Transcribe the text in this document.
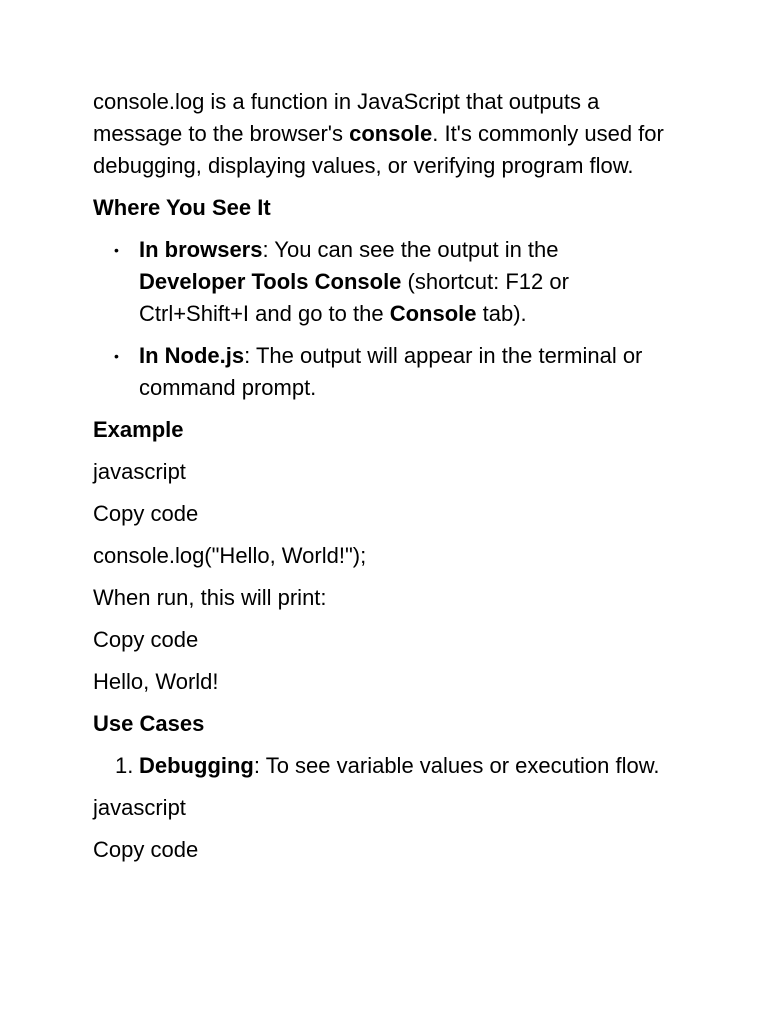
console.log is a function in JavaScript that outputs a message to the browser's console. It's commonly used for debugging, displaying values, or verifying program flow.

Where You See It

• In browsers: You can see the output in the Developer Tools Console (shortcut: F12 or Ctrl+Shift+I and go to the Console tab).
• In Node.js: The output will appear in the terminal or command prompt.

Example

javascript

Copy code

console.log("Hello, World!");

When run, this will print:

Copy code

Hello, World!

Use Cases

1. Debugging: To see variable values or execution flow.

javascript

Copy code
